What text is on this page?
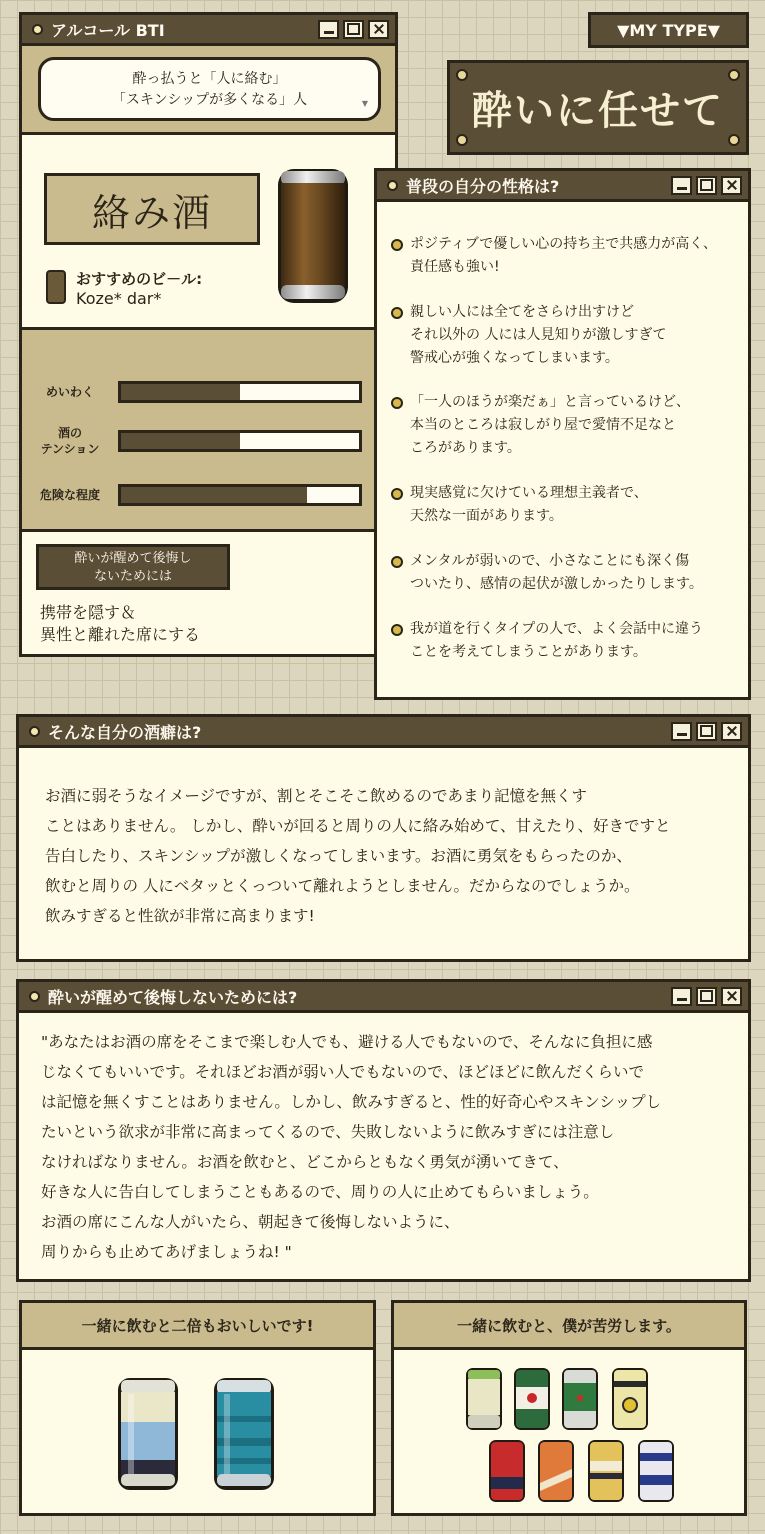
アルコール BTI
酔っ払うと「人に絡む」
「スキンシップが多くなる」人	▼
絡み酒
おすすめのビ－ル:
Koze* dar*
めいわく
酒の
テンション
危険な程度
酔いが醒めて後悔し
ないためには
携帯を隠す＆
異性と離れた席にする
▼MY TYPE▼
酔いに任せて
普段の自分の性格は?
ポジティブで優しい心の持ち主で共感力が高く、
責任感も強い!
親しい人には全てをさらけ出すけど
それ以外の 人には人見知りが激しすぎて
警戒心が強くなってしまいます。
「一人のほうが楽だぁ」と言っているけど、
本当のところは寂しがり屋で愛情不足なと
ころがあります。
現実感覚に欠けている理想主義者で、
天然な一面があります。
メンタルが弱いので、小さなことにも深く傷
ついたり、感情の起伏が激しかったりします。
我が道を行くタイプの人で、よく会話中に違う
ことを考えてしまうことがあります。
そんな自分の酒癖は?
お酒に弱そうなイメージですが、割とそこそこ飲めるのであまり記憶を無くす
ことはありません。 しかし、酔いが回ると周りの人に絡み始めて、甘えたり、好きですと
告白したり、スキンシップが激しくなってしまいます。お酒に勇気をもらったのか、
飲むと周りの 人にベタッとくっついて離れようとしません。だからなのでしょうか。
飲みすぎると性欲が非常に高まります!
酔いが醒めて後悔しないためには?
"あなたはお酒の席をそこまで楽しむ人でも、避ける人でもないので、そんなに負担に感
じなくてもいいです。それほどお酒が弱い人でもないので、ほどほどに飲んだくらいで
は記憶を無くすことはありません。しかし、飲みすぎると、性的好奇心やスキンシップし
たいという欲求が非常に高まってくるので、失敗しないように飲みすぎには注意し
なければなりません。お酒を飲むと、どこからともなく勇気が湧いてきて、
好きな人に告白してしまうこともあるので、周りの人に止めてもらいましょう。
お酒の席にこんな人がいたら、朝起きて後悔しないように、
周りからも止めてあげましょうね! "
一緒に飲むと二倍もおいしいです!	一緒に飲むと、僕が苦労します。
★
